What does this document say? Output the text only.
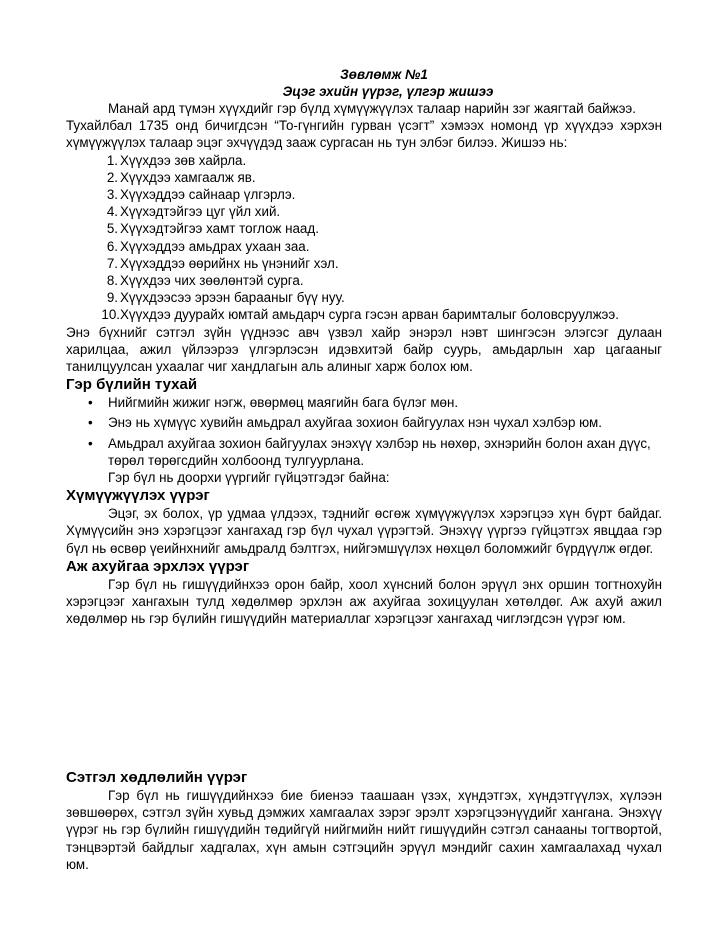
Зөвлөмж №1
Эцэг эхийн үүрэг, үлгэр жишээ

Манай ард түмэн хүүхдийг гэр бүлд хүмүүжүүлэх талаар нарийн зэг жаягтай байжээ.

Тухайлбал 1735 онд бичигдсэн “То-гүнгийн гурван үсэгт” хэмээх номонд үр хүүхдээ хэрхэн хүмүүжүүлэх талаар эцэг эхчүүдэд зааж сургасан нь тун элбэг билээ. Жишээ нь:

1. Хүүхдээ зөв хайрла.
2. Хүүхдээ хамгаалж яв.
3. Хүүхэддээ сайнаар үлгэрлэ.
4. Хүүхэдтэйгээ цуг үйл хий.
5. Хүүхэдтэйгээ хамт тоглож наад.
6. Хүүхэддээ амьдрах ухаан заа.
7. Хүүхэддээ өөрийнх нь үнэнийг хэл.
8. Хүүхдээ чих зөөлөнтэй сурга.
9. Хүүхдээсээ эрээн барааныг бүү нуу.
10. Хүүхдээ дуурайх юмтай амьдарч сурга гэсэн арван баримталыг боловсруулжээ.

Энэ бүхнийг сэтгэл зүйн үүднээс авч үзвэл хайр энэрэл нэвт шингэсэн элэгсэг дулаан харилцаа, ажил үйлээрээ үлгэрлэсэн идэвхитэй байр суурь, амьдарлын хар цагааныг танилцуулсан ухаалаг чиг хандлагын аль алиныг харж болох юм.

Гэр бүлийн тухай
• Нийгмийн жижиг нэгж, өвөрмөц маягийн бага бүлэг мөн.
• Энэ нь хүмүүс хувийн амьдрал ахуйгаа зохион байгуулах нэн чухал хэлбэр юм.
• Амьдрал ахуйгаа зохион байгуулах энэхүү хэлбэр нь нөхөр, эхнэрийн болон ахан дүүс, төрөл төрөгсдийн холбоонд тулгуурлана.

Гэр бүл нь доорхи үүргийг гүйцэтгэдэг байна:

Хүмүүжүүлэх үүрэг

Эцэг, эх болох, үр удмаа үлдээх, тэднийг өсгөж хүмүүжүүлэх хэрэгцээ хүн бүрт байдаг. Хүмүүсийн энэ хэрэгцээг хангахад гэр бүл чухал үүрэгтэй. Энэхүү үүргээ гүйцэтгэх явцдаа гэр бүл нь өсвөр үеийнхнийг амьдралд бэлтгэх, нийгэмшүүлэх нөхцөл боломжийг бүрдүүлж өгдөг.

Аж ахуйгаа эрхлэх үүрэг

Гэр бүл нь гишүүдийнхээ орон байр, хоол хүнсний болон эрүүл энх оршин тогтнохуйн хэрэгцээг хангахын тулд хөдөлмөр эрхлэн аж ахуйгаа зохицуулан хөтөлдөг. Аж ахуй ажил хөдөлмөр нь гэр бүлийн гишүүдийн материаллаг хэрэгцээг хангахад чиглэгдсэн үүрэг юм.

Сэтгэл хөдлөлийн үүрэг

Гэр бүл нь гишүүдийнхээ бие биенээ таашаан үзэх, хүндэтгэх, хүндэтгүүлэх, хүлээн зөвшөөрөх, сэтгэл зүйн хувьд дэмжих хамгаалах зэрэг эрэлт хэрэгцээнүүдийг хангана. Энэхүү үүрэг нь гэр бүлийн гишүүдийн төдийгүй нийгмийн нийт гишүүдийн сэтгэл санааны тогтвортой, тэнцвэртэй байдлыг хадгалах, хүн амын сэтгэцийн эрүүл мэндийг сахин хамгаалахад чухал юм.
